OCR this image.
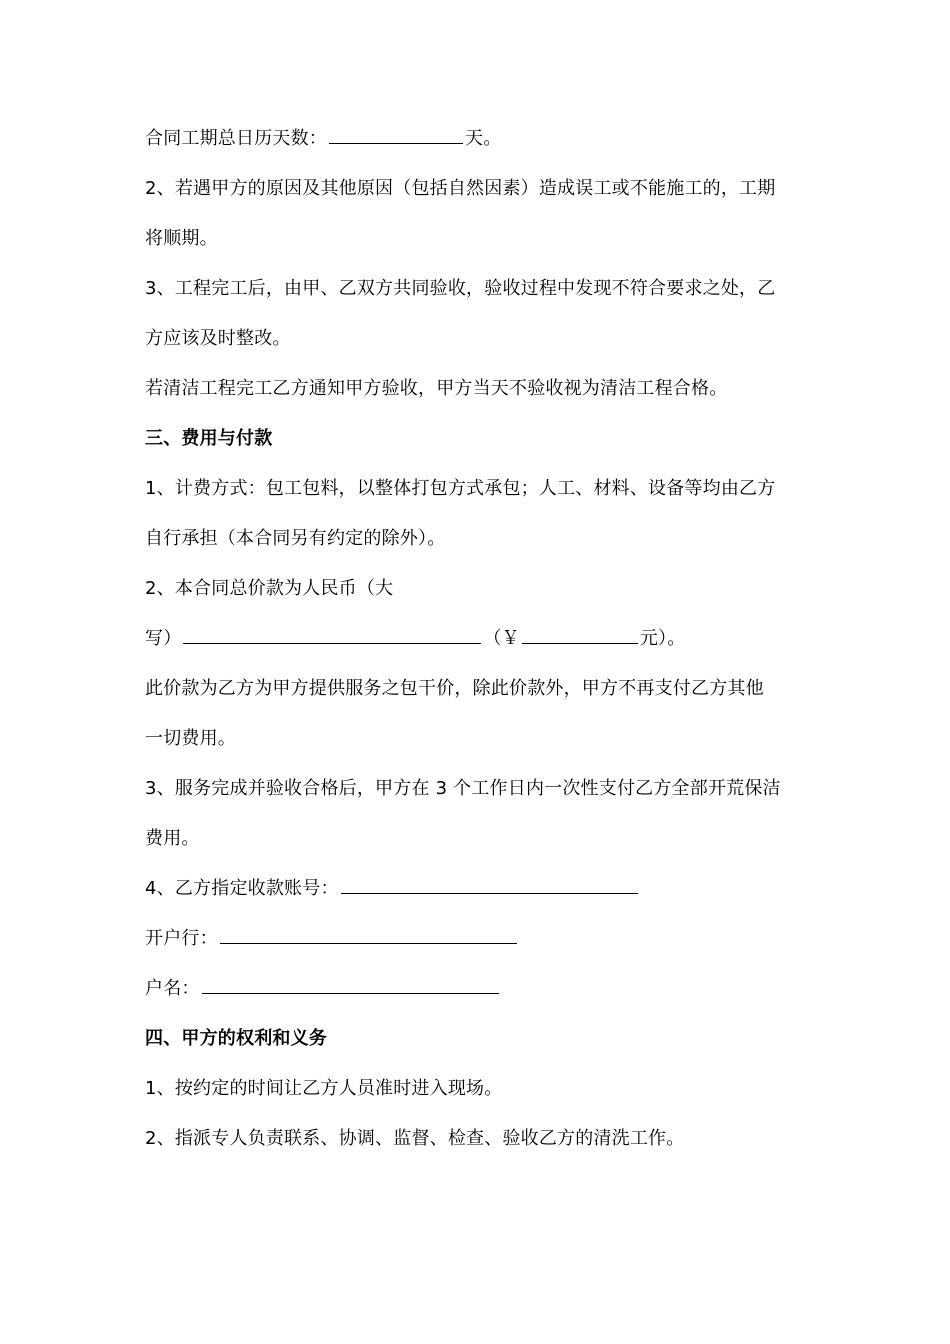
合同工期总日历天数：	天。
2、若遇甲方的原因及其他原因（包括自然因素）造成误工或不能施工的，工期
将顺期。
3、工程完工后，由甲、乙双方共同验收，验收过程中发现不符合要求之处，乙
方应该及时整改。
若清洁工程完工乙方通知甲方验收，甲方当天不验收视为清洁工程合格。
三、费用与付款
1、计费方式：包工包料，以整体打包方式承包；人工、材料、设备等均由乙方
自行承担（本合同另有约定的除外）。
2、本合同总价款为人民币（大
写）	（￥	元）。
此价款为乙方为甲方提供服务之包干价，除此价款外，甲方不再支付乙方其他
一切费用。
3、服务完成并验收合格后，甲方在 3 个工作日内一次性支付乙方全部开荒保洁
费用。
4、乙方指定收款账号：
开户行：
户名：
四、甲方的权利和义务
1、按约定的时间让乙方人员准时进入现场。
2、指派专人负责联系、协调、监督、检查、验收乙方的清洗工作。
